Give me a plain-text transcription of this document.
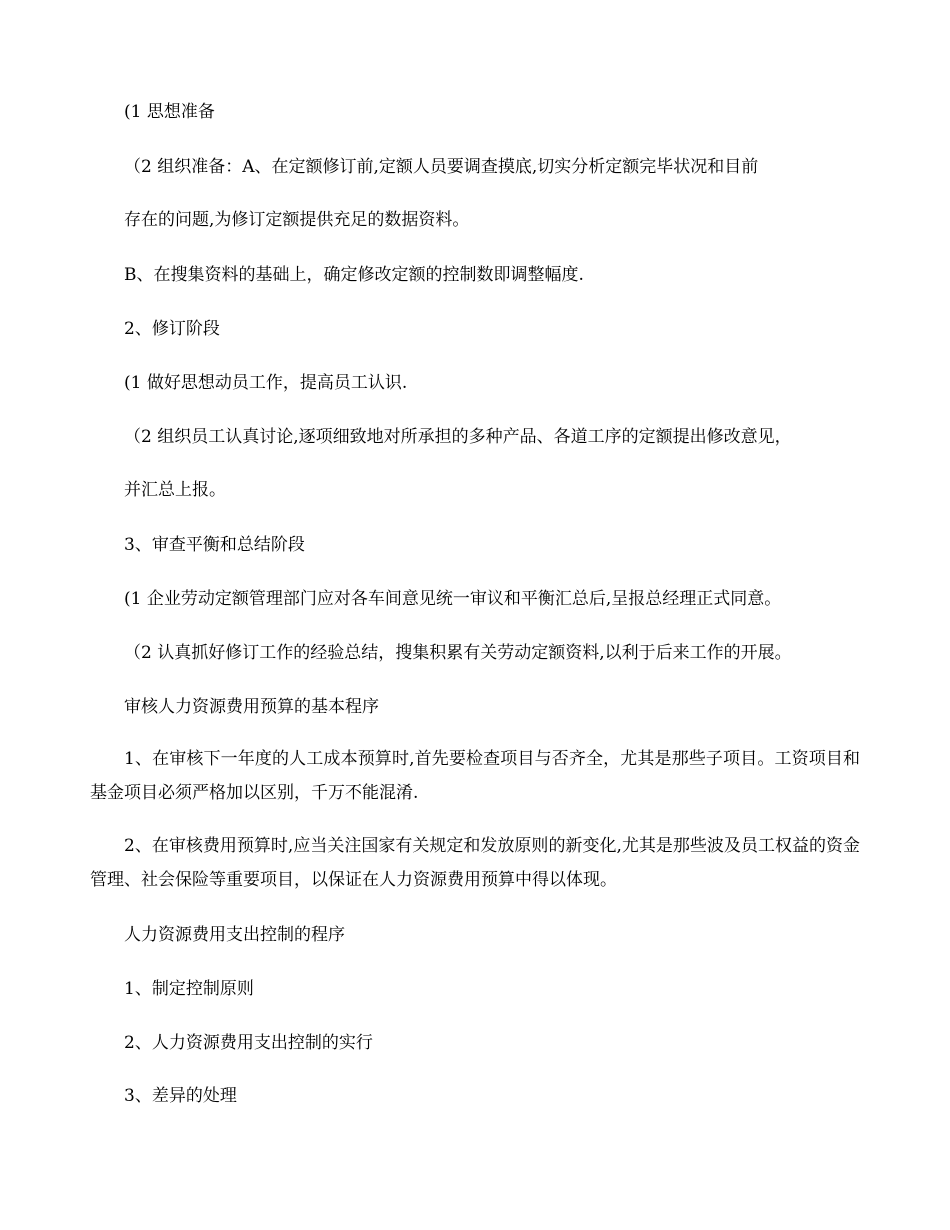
(1 思想准备
（2 组织准备：A、在定额修订前,定额人员要调查摸底,切实分析定额完毕状况和目前
存在的问题,为修订定额提供充足的数据资料。
B、在搜集资料的基础上，确定修改定额的控制数即调整幅度.
2、修订阶段
(1 做好思想动员工作，提高员工认识.
（2 组织员工认真讨论,逐项细致地对所承担的多种产品、各道工序的定额提出修改意见，
并汇总上报。
3、审查平衡和总结阶段
(1 企业劳动定额管理部门应对各车间意见统一审议和平衡汇总后,呈报总经理正式同意。
（2 认真抓好修订工作的经验总结，搜集积累有关劳动定额资料,以利于后来工作的开展。
审核人力资源费用预算的基本程序
1、在审核下一年度的人工成本预算时,首先要检查项目与否齐全，尤其是那些子项目。工资项目和基金项目必须严格加以区别，千万不能混淆.
2、在审核费用预算时,应当关注国家有关规定和发放原则的新变化,尤其是那些波及员工权益的资金管理、社会保险等重要项目，以保证在人力资源费用预算中得以体现。
人力资源费用支出控制的程序
1、制定控制原则
2、人力资源费用支出控制的实行
3、差异的处理
